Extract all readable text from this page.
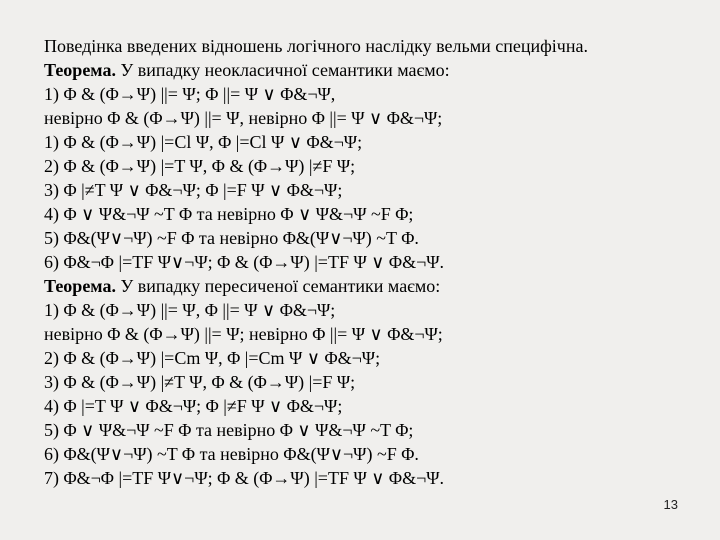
Поведінка введених відношень логічного наслідку вельми специфічна.
Теорема. У випадку неокласичної семантики маємо:
1) Φ & (Φ→Ψ) ||= Ψ; Φ ||= Ψ ∨ Φ&¬Ψ,
невірно Φ & (Φ→Ψ) ||= Ψ, невірно Φ ||= Ψ ∨ Φ&¬Ψ;
1) Φ & (Φ→Ψ) |=Cl Ψ, Φ |=Cl Ψ ∨ Φ&¬Ψ;
2) Φ & (Φ→Ψ) |=T Ψ, Φ & (Φ→Ψ) |≠F Ψ;
3) Φ |≠T Ψ ∨ Φ&¬Ψ; Φ |=F Ψ ∨ Φ&¬Ψ;
4) Φ ∨ Ψ&¬Ψ ~T Φ та невірно Φ ∨ Ψ&¬Ψ ~F Φ;
5) Φ&(Ψ∨¬Ψ) ~F Φ та невірно Φ&(Ψ∨¬Ψ) ~T Φ.
6) Φ&¬Φ |=TF Ψ∨¬Ψ; Φ & (Φ→Ψ) |=TF Ψ ∨ Φ&¬Ψ.
Теорема. У випадку пересиченої семантики маємо:
1) Φ & (Φ→Ψ) ||= Ψ, Φ ||= Ψ ∨ Φ&¬Ψ;
невірно Φ & (Φ→Ψ) ||= Ψ; невірно Φ ||= Ψ ∨ Φ&¬Ψ;
2) Φ & (Φ→Ψ) |=Cm Ψ, Φ |=Cm Ψ ∨ Φ&¬Ψ;
3) Φ & (Φ→Ψ) |≠T Ψ, Φ & (Φ→Ψ) |=F Ψ;
4) Φ |=T Ψ ∨ Φ&¬Ψ; Φ |≠F Ψ ∨ Φ&¬Ψ;
5) Φ ∨ Ψ&¬Ψ ~F Φ та невірно Φ ∨ Ψ&¬Ψ ~T Φ;
6) Φ&(Ψ∨¬Ψ) ~T Φ та невірно Φ&(Ψ∨¬Ψ) ~F Φ.
7) Φ&¬Φ |=TF Ψ∨¬Ψ; Φ & (Φ→Ψ) |=TF Ψ ∨ Φ&¬Ψ.
13
